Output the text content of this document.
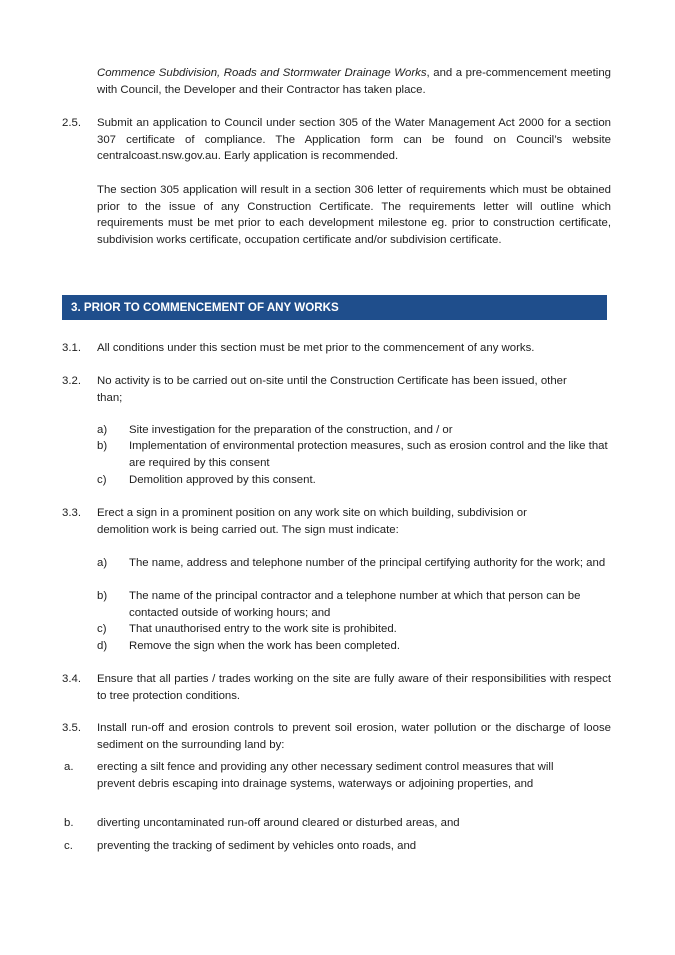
Commence Subdivision, Roads and Stormwater Drainage Works, and a pre-commencement meeting with Council, the Developer and their Contractor has taken place.

2.5. Submit an application to Council under section 305 of the Water Management Act 2000 for a section 307 certificate of compliance. The Application form can be found on Council’s website centralcoast.nsw.gov.au. Early application is recommended.

The section 305 application will result in a section 306 letter of requirements which must be obtained prior to the issue of any Construction Certificate. The requirements letter will outline which requirements must be met prior to each development milestone eg. prior to construction certificate, subdivision works certificate, occupation certificate and/or subdivision certificate.

3. PRIOR TO COMMENCEMENT OF ANY WORKS

3.1. All conditions under this section must be met prior to the commencement of any works.

3.2. No activity is to be carried out on-site until the Construction Certificate has been issued, other than;

a) Site investigation for the preparation of the construction, and / or

b) Implementation of environmental protection measures, such as erosion control and the like that are required by this consent

c) Demolition approved by this consent.

3.3. Erect a sign in a prominent position on any work site on which building, subdivision or demolition work is being carried out. The sign must indicate:

a) The name, address and telephone number of the principal certifying authority for the work; and

b) The name of the principal contractor and a telephone number at which that person can be contacted outside of working hours; and

c) That unauthorised entry to the work site is prohibited.

d) Remove the sign when the work has been completed.

3.4. Ensure that all parties / trades working on the site are fully aware of their responsibilities with respect to tree protection conditions.

3.5. Install run-off and erosion controls to prevent soil erosion, water pollution or the discharge of loose sediment on the surrounding land by:

a. erecting a silt fence and providing any other necessary sediment control measures that will prevent debris escaping into drainage systems, waterways or adjoining properties, and

b. diverting uncontaminated run-off around cleared or disturbed areas, and

c. preventing the tracking of sediment by vehicles onto roads, and
